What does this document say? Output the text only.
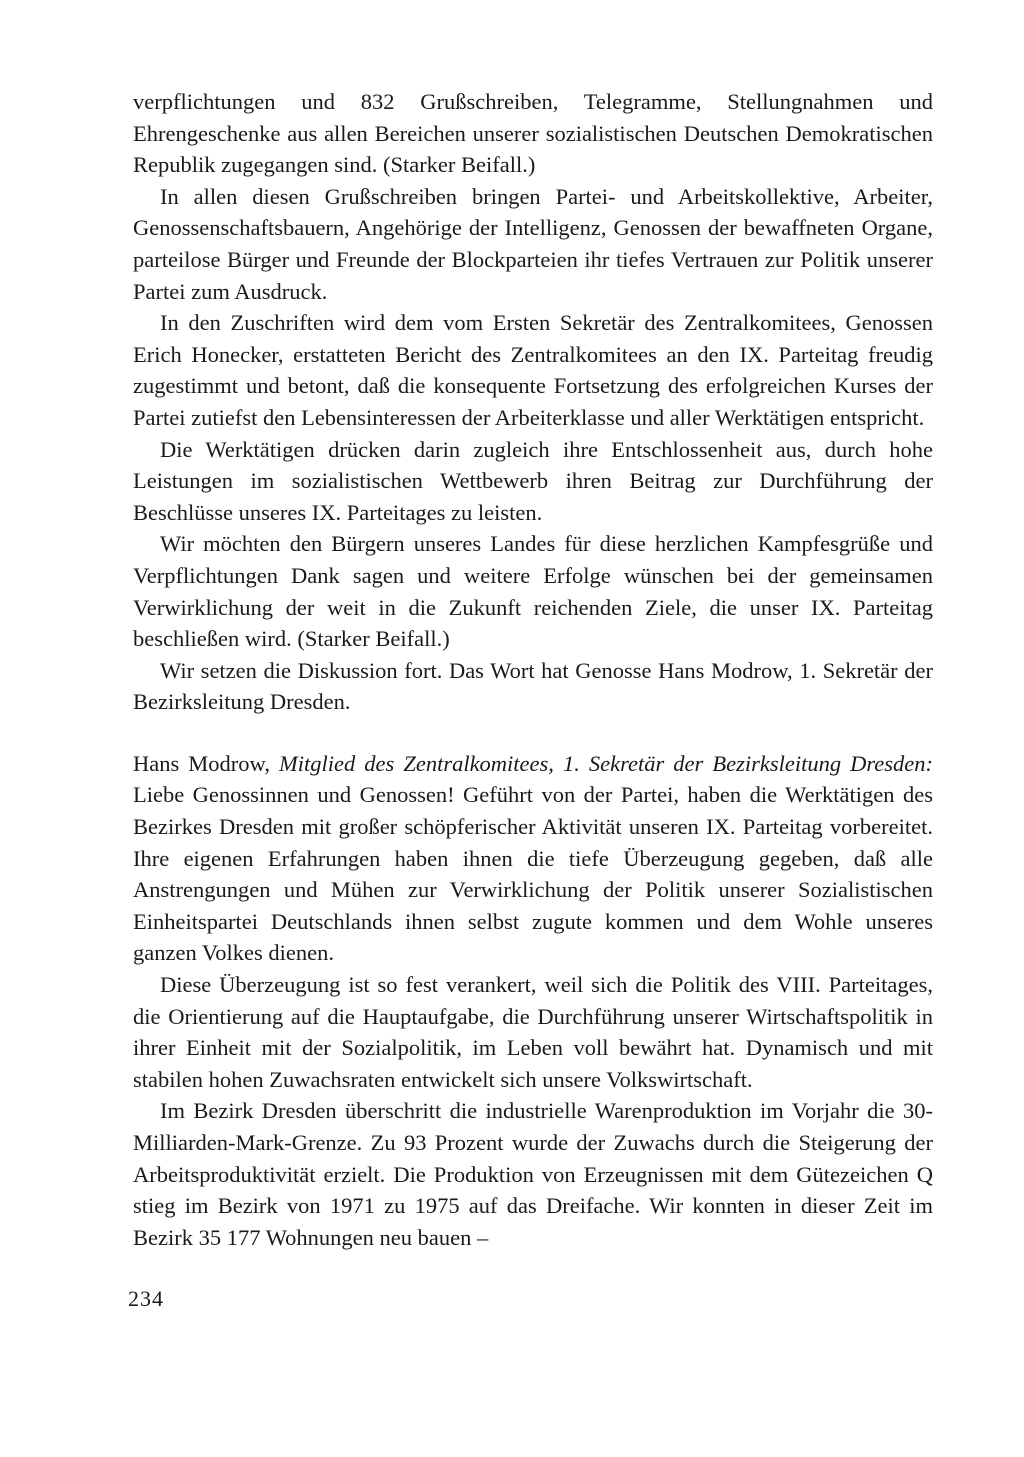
verpflichtungen und 832 Grußschreiben, Telegramme, Stellungnahmen und Ehrengeschenke aus allen Bereichen unserer sozialistischen Deutschen Demokratischen Republik zugegangen sind. (Starker Beifall.)

In allen diesen Grußschreiben bringen Partei- und Arbeitskollektive, Arbeiter, Genossenschaftsbauern, Angehörige der Intelligenz, Genossen der bewaffneten Organe, parteilose Bürger und Freunde der Blockparteien ihr tiefes Vertrauen zur Politik unserer Partei zum Ausdruck.

In den Zuschriften wird dem vom Ersten Sekretär des Zentralkomitees, Genossen Erich Honecker, erstatteten Bericht des Zentralkomitees an den IX. Parteitag freudig zugestimmt und betont, daß die konsequente Fortsetzung des erfolgreichen Kurses der Partei zutiefst den Lebensinteressen der Arbeiterklasse und aller Werktätigen entspricht.

Die Werktätigen drücken darin zugleich ihre Entschlossenheit aus, durch hohe Leistungen im sozialistischen Wettbewerb ihren Beitrag zur Durchführung der Beschlüsse unseres IX. Parteitages zu leisten.

Wir möchten den Bürgern unseres Landes für diese herzlichen Kampfesgrüße und Verpflichtungen Dank sagen und weitere Erfolge wünschen bei der gemeinsamen Verwirklichung der weit in die Zukunft reichenden Ziele, die unser IX. Parteitag beschließen wird. (Starker Beifall.)

Wir setzen die Diskussion fort. Das Wort hat Genosse Hans Modrow, 1. Sekretär der Bezirksleitung Dresden.

Hans Modrow, Mitglied des Zentralkomitees, 1. Sekretär der Bezirksleitung Dresden: Liebe Genossinnen und Genossen! Geführt von der Partei, haben die Werktätigen des Bezirkes Dresden mit großer schöpferischer Aktivität unseren IX. Parteitag vorbereitet. Ihre eigenen Erfahrungen haben ihnen die tiefe Überzeugung gegeben, daß alle Anstrengungen und Mühen zur Verwirklichung der Politik unserer Sozialistischen Einheitspartei Deutschlands ihnen selbst zugute kommen und dem Wohle unseres ganzen Volkes dienen.

Diese Überzeugung ist so fest verankert, weil sich die Politik des VIII. Parteitages, die Orientierung auf die Hauptaufgabe, die Durchführung unserer Wirtschaftspolitik in ihrer Einheit mit der Sozialpolitik, im Leben voll bewährt hat. Dynamisch und mit stabilen hohen Zuwachsraten entwickelt sich unsere Volkswirtschaft.

Im Bezirk Dresden überschritt die industrielle Warenproduktion im Vorjahr die 30-Milliarden-Mark-Grenze. Zu 93 Prozent wurde der Zuwachs durch die Steigerung der Arbeitsproduktivität erzielt. Die Produktion von Erzeugnissen mit dem Gütezeichen Q stieg im Bezirk von 1971 zu 1975 auf das Dreifache. Wir konnten in dieser Zeit im Bezirk 35 177 Wohnungen neu bauen –

234
